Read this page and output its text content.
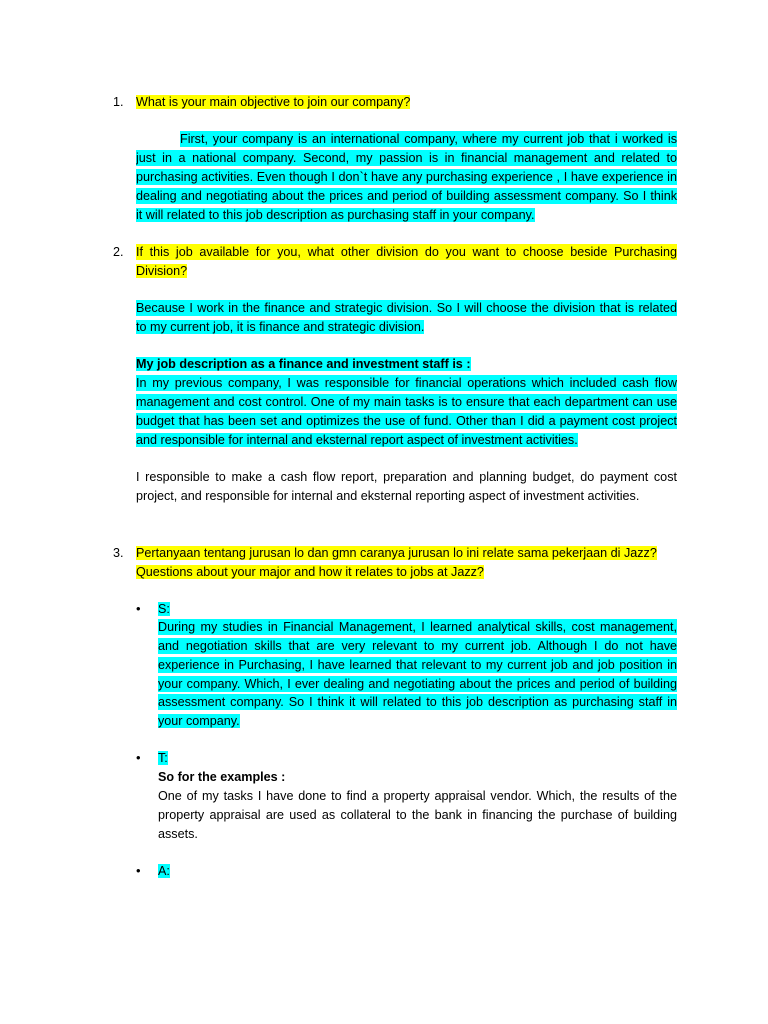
1. What is your main objective to join our company?
First, your company is an international company, where my current job that i worked is
just in a national company. Second, my passion is in financial management and related to
purchasing activities. Even though I don`t have any purchasing experience , I have experience in
dealing and negotiating about the prices and period of building assessment company. So I think
it will related to this job description as purchasing staff in your company.
2. If this job available for you, what other division do you want to choose beside Purchasing
Division?
Because I work in the finance and strategic division. So I will choose the division that is related
to my current job, it is finance and strategic division.
My job description as a finance and investment staff is :
In my previous company, I was responsible for financial operations which included cash flow
management and cost control. One of my main tasks is to ensure that each department can use
budget that has been set and optimizes the use of fund. Other than I did a payment cost project
and responsible for internal and eksternal report aspect of investment activities.
I responsible to make a cash flow report, preparation and planning budget, do payment cost
project, and responsible for internal and eksternal reporting aspect of investment activities.
3. Pertanyaan tentang jurusan lo dan gmn caranya jurusan lo ini relate sama pekerjaan di Jazz?
Questions about your major and how it relates to jobs at Jazz?
• S:
During my studies in Financial Management, I learned analytical skills, cost management,
and negotiation skills that are very relevant to my current job. Although I do not have
experience in Purchasing, I have learned that relevant to my current job and job position in
your company. Which, I ever dealing and negotiating about the prices and period of building
assessment company. So I think it will related to this job description as purchasing staff in
your company.
• T:
So for the examples :
One of my tasks I have done to find a property appraisal vendor. Which, the results of the
property appraisal are used as collateral to the bank in financing the purchase of building
assets.
• A:
